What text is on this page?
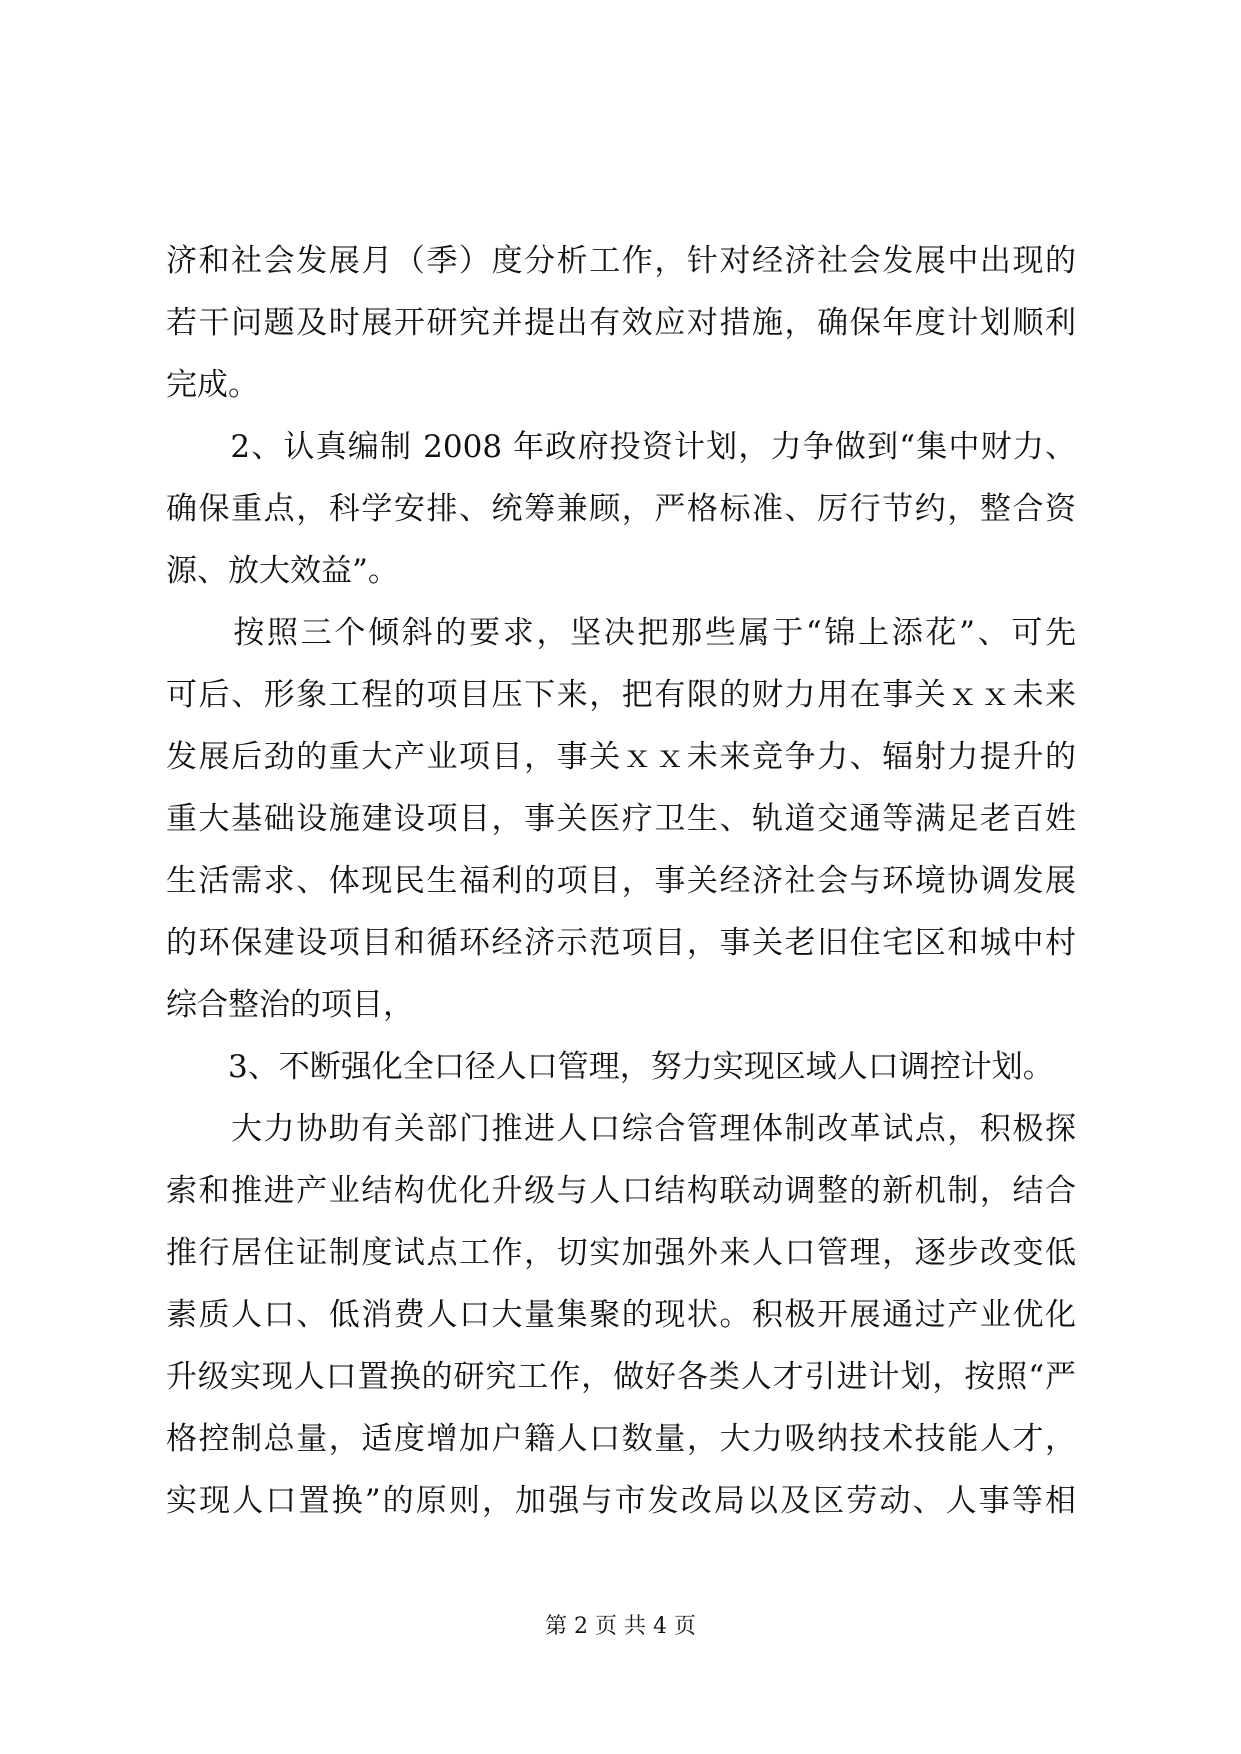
济和社会发展月（季）度分析工作，针对经济社会发展中出现的
若干问题及时展开研究并提出有效应对措施，确保年度计划顺利
完成。
　　2、认真编制 2008 年政府投资计划，力争做到“集中财力、
确保重点，科学安排、统筹兼顾，严格标准、厉行节约，整合资
源、放大效益”。
　　按照三个倾斜的要求，坚决把那些属于“锦上添花”、可先
可后、形象工程的项目压下来，把有限的财力用在事关ｘｘ未来
发展后劲的重大产业项目，事关ｘｘ未来竞争力、辐射力提升的
重大基础设施建设项目，事关医疗卫生、轨道交通等满足老百姓
生活需求、体现民生福利的项目，事关经济社会与环境协调发展
的环保建设项目和循环经济示范项目，事关老旧住宅区和城中村
综合整治的项目，
　　3、不断强化全口径人口管理，努力实现区域人口调控计划。
　　大力协助有关部门推进人口综合管理体制改革试点，积极探
索和推进产业结构优化升级与人口结构联动调整的新机制，结合
推行居住证制度试点工作，切实加强外来人口管理，逐步改变低
素质人口、低消费人口大量集聚的现状。积极开展通过产业优化
升级实现人口置换的研究工作，做好各类人才引进计划，按照“严
格控制总量，适度增加户籍人口数量，大力吸纳技术技能人才，
实现人口置换”的原则，加强与市发改局以及区劳动、人事等相
第 2 页 共 4 页
